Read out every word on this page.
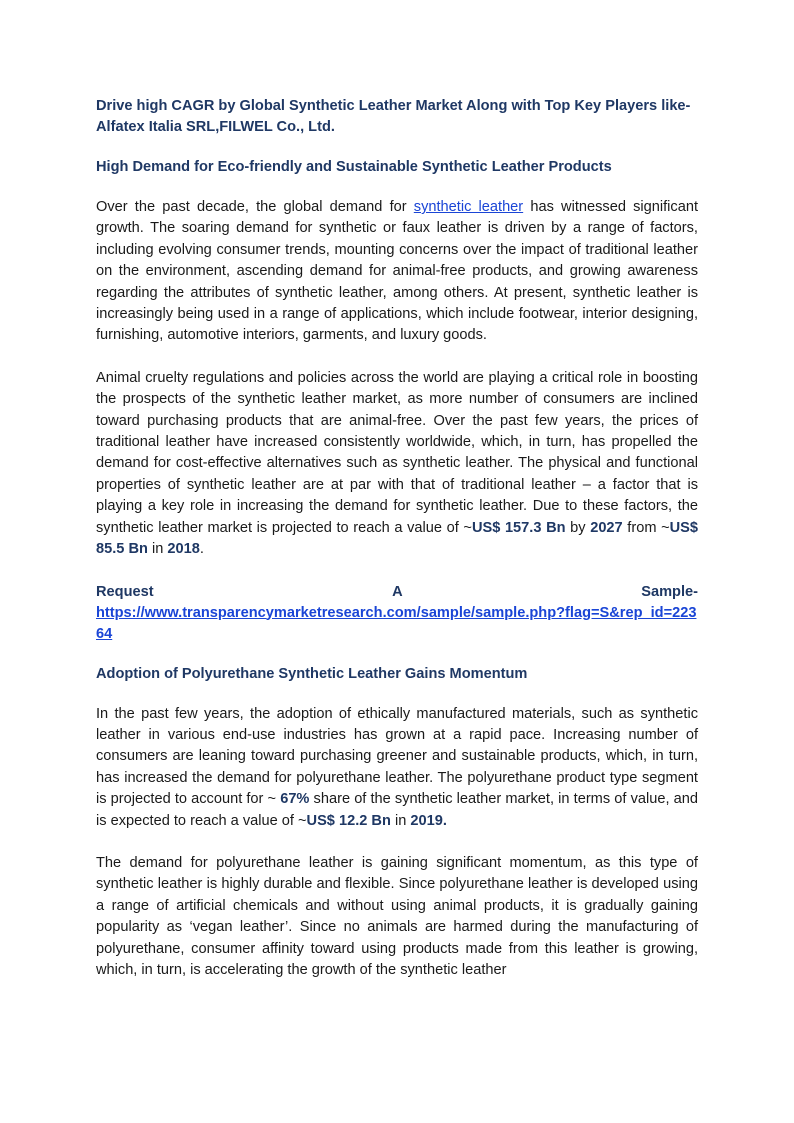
Drive high CAGR by Global Synthetic Leather Market Along with Top Key Players like-Alfatex Italia SRL,FILWEL Co., Ltd.
High Demand for Eco-friendly and Sustainable Synthetic Leather Products

Over the past decade, the global demand for synthetic leather has witnessed significant growth. The soaring demand for synthetic or faux leather is driven by a range of factors, including evolving consumer trends, mounting concerns over the impact of traditional leather on the environment, ascending demand for animal-free products, and growing awareness regarding the attributes of synthetic leather, among others. At present, synthetic leather is increasingly being used in a range of applications, which include footwear, interior designing, furnishing, automotive interiors, garments, and luxury goods.

Animal cruelty regulations and policies across the world are playing a critical role in boosting the prospects of the synthetic leather market, as more number of consumers are inclined toward purchasing products that are animal-free. Over the past few years, the prices of traditional leather have increased consistently worldwide, which, in turn, has propelled the demand for cost-effective alternatives such as synthetic leather. The physical and functional properties of synthetic leather are at par with that of traditional leather – a factor that is playing a key role in increasing the demand for synthetic leather. Due to these factors, the synthetic leather market is projected to reach a value of ~US$ 157.3 Bn by 2027 from ~US$ 85.5 Bn in 2018.

Request	A	Sample-
https://www.transparencymarketresearch.com/sample/sample.php?flag=S&rep_id=22364
Adoption of Polyurethane Synthetic Leather Gains Momentum

In the past few years, the adoption of ethically manufactured materials, such as synthetic leather in various end-use industries has grown at a rapid pace. Increasing number of consumers are leaning toward purchasing greener and sustainable products, which, in turn, has increased the demand for polyurethane leather. The polyurethane product type segment is projected to account for ~ 67% share of the synthetic leather market, in terms of value, and is expected to reach a value of ~US$ 12.2 Bn in 2019.

The demand for polyurethane leather is gaining significant momentum, as this type of synthetic leather is highly durable and flexible. Since polyurethane leather is developed using a range of artificial chemicals and without using animal products, it is gradually gaining popularity as ‘vegan leather’. Since no animals are harmed during the manufacturing of polyurethane, consumer affinity toward using products made from this leather is growing, which, in turn, is accelerating the growth of the synthetic leather
